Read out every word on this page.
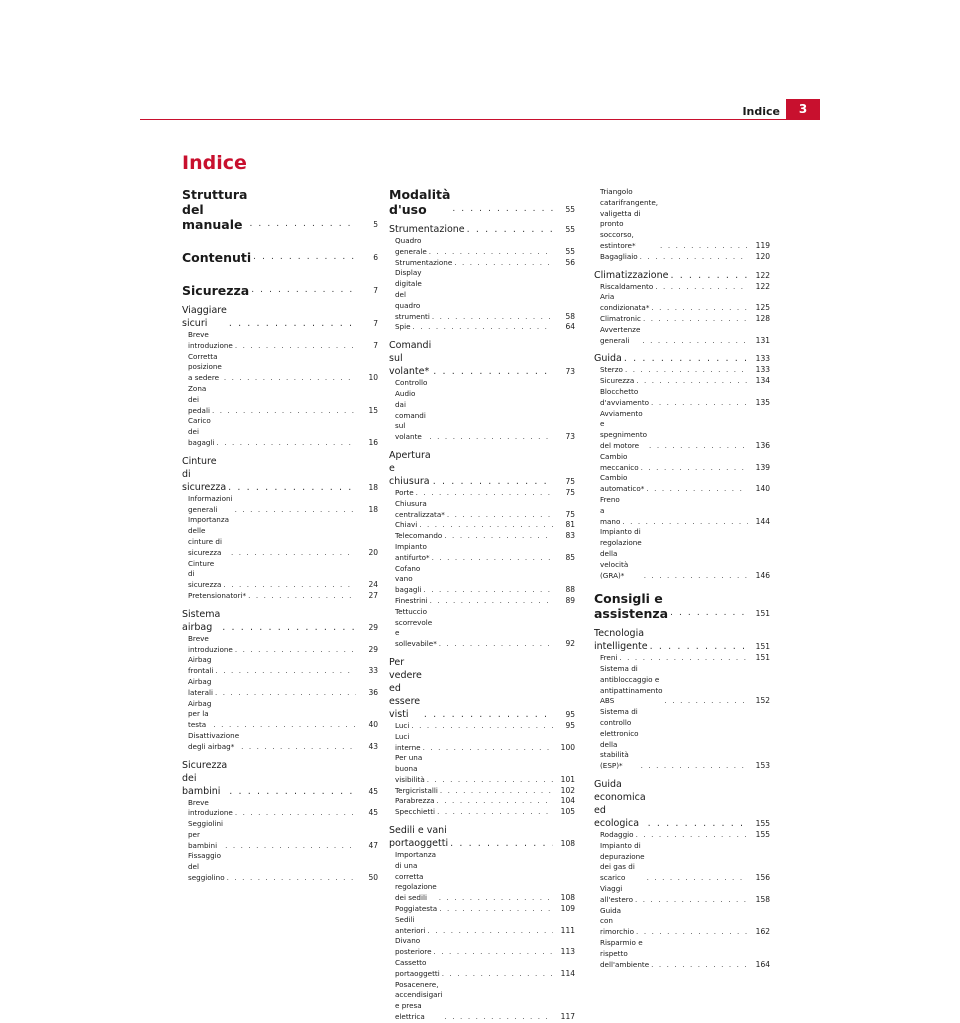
Indice	3
Indice
Struttura del manuale . . .	5
Contenuti . . .	6
Sicurezza . . .	7
Viaggiare sicuri . . .	7
Breve introduzione . . .	7
Corretta posizione a sedere . . .	10
Zona dei pedali . . .	15
Carico dei bagagli . . .	16
Cinture di sicurezza . . .	18
Informazioni generali . . .	18
Importanza delle cinture di sicurezza . . .	20
Cinture di sicurezza . . .	24
Pretensionatori* . . .	27
Sistema airbag . . .	29
Breve introduzione . . .	29
Airbag frontali . . .	33
Airbag laterali . . .	36
Airbag per la testa . . .	40
Disattivazione degli airbag* . . .	43
Sicurezza dei bambini . . .	45
Breve introduzione . . .	45
Seggiolini per bambini . . .	47
Fissaggio del seggiolino . . .	50
Modalità d'uso . . .	55
Strumentazione . . .	55
Quadro generale . . .	55
Strumentazione . . .	56
Display digitale del quadro strumenti . . .	58
Spie . . .	64
Comandi sul volante* . . .	73
Controllo Audio dai comandi sul volante . . .	73
Apertura e chiusura . . .	75
Porte . . .	75
Chiusura centralizzata* . . .	75
Chiavi . . .	81
Telecomando . . .	83
Impianto antifurto* . . .	85
Cofano vano bagagli . . .	88
Finestrini . . .	89
Tettuccio scorrevole e sollevabile* . . .	92
Per vedere ed essere visti . . .	95
Luci . . .	95
Luci interne . . .	100
Per una buona visibilità . . .	101
Tergicristalli . . .	102
Parabrezza . . .	104
Specchietti . . .	105
Sedili e vani portaoggetti . . .	108
Importanza di una corretta regolazione dei sedili . . .	108
Poggiatesta . . .	109
Sedili anteriori . . .	111
Divano posteriore . . .	113
Cassetto portaoggetti . . .	114
Posacenere, accendisigari e presa elettrica . . .	117
Triangolo catarifrangente, valigetta di pronto soccorso, estintore* . . .	119
Bagagliaio . . .	120
Climatizzazione . . .	122
Riscaldamento . . .	122
Aria condizionata* . . .	125
Climatronic . . .	128
Avvertenze generali . . .	131
Guida . . .	133
Sterzo . . .	133
Sicurezza . . .	134
Blocchetto d'avviamento . . .	135
Avviamento e spegnimento del motore . . .	136
Cambio meccanico . . .	139
Cambio automatico* . . .	140
Freno a mano . . .	144
Impianto di regolazione della velocità (GRA)* . . .	146
Consigli e assistenza . . .	151
Tecnologia intelligente . . .	151
Freni . . .	151
Sistema di antibloccaggio e antipattinamento ABS . . .	152
Sistema di controllo elettronico della stabilità (ESP)* . . .	153
Guida economica ed ecologica . . .	155
Rodaggio . . .	155
Impianto di depurazione dei gas di scarico . . .	156
Viaggi all'estero . . .	158
Guida con rimorchio . . .	162
Risparmio e rispetto dell'ambiente . . .	164
